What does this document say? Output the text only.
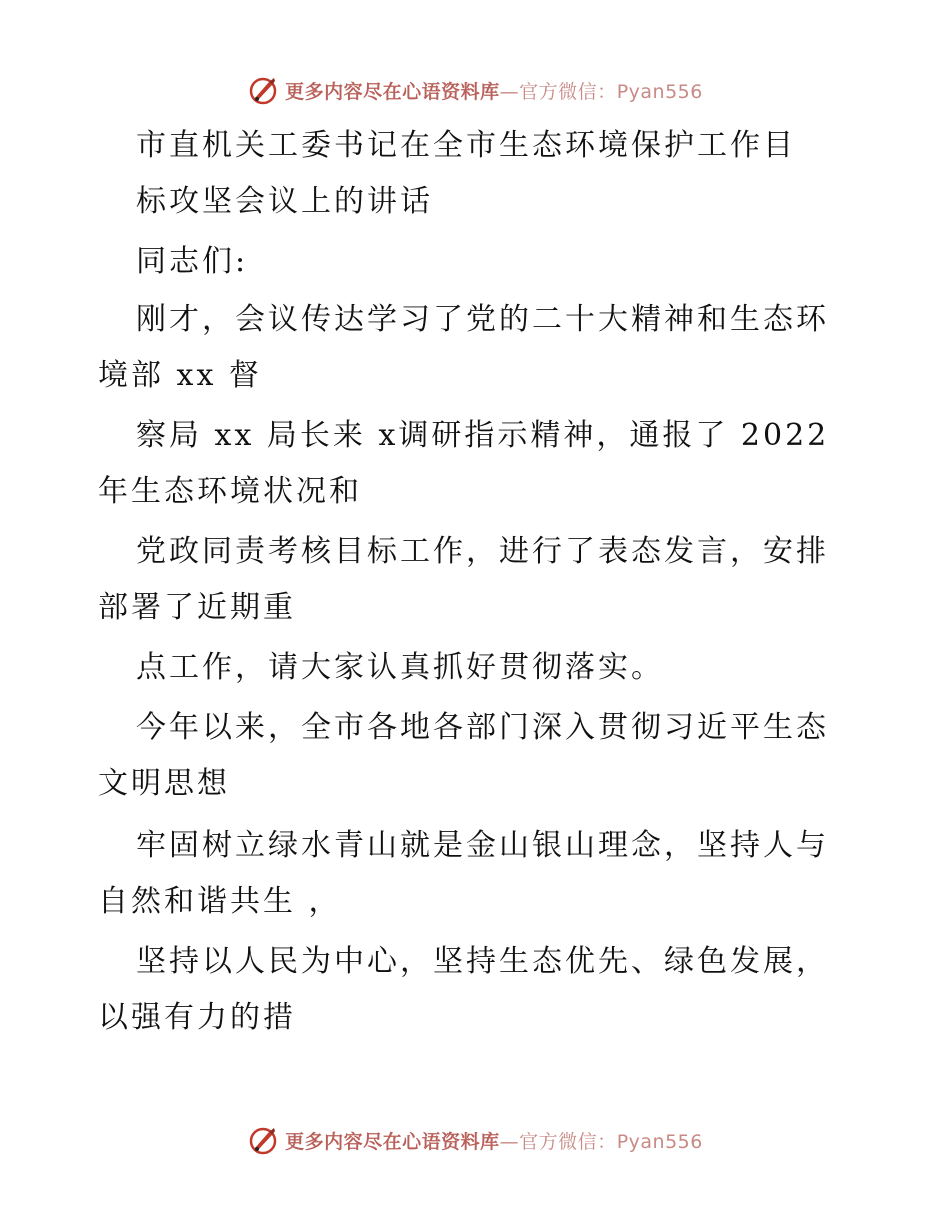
更多内容尽在心语资料库—官方微信：Pyan556
市直机关工委书记在全市生态环境保护工作目
标攻坚会议上的讲话
同志们:
刚才，会议传达学习了党的二十大精神和生态环
境部 xx 督
察局 xx 局长来 x调研指示精神，通报了 2022
年生态环境状况和
党政同责考核目标工作，进行了表态发言，安排
部署了近期重
点工作，请大家认真抓好贯彻落实。
今年以来，全市各地各部门深入贯彻习近平生态
文明思想
牢固树立绿水青山就是金山银山理念，坚持人与
自然和谐共生 ，
坚持以人民为中心，坚持生态优先、绿色发展，
以强有力的措
更多内容尽在心语资料库—官方微信：Pyan556
